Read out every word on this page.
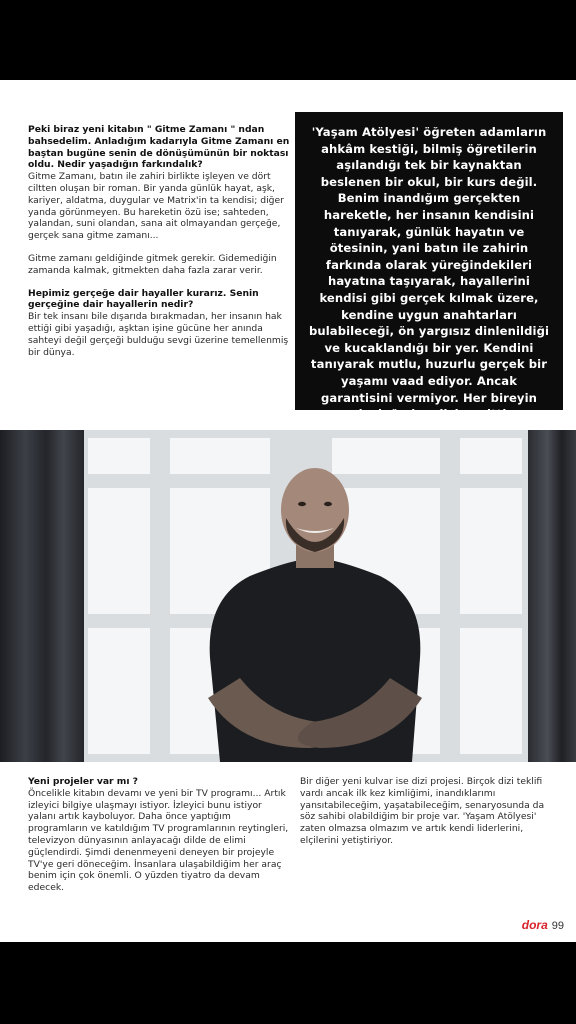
Peki biraz yeni kitabın " Gitme Zamanı " ndan bahsedelim. Anladığım kadarıyla Gitme Zamanı en baştan bugüne senin de dönüşümünün bir noktası oldu. Nedir yaşadığın farkındalık?
Gitme Zamanı, batın ile zahiri birlikte işleyen ve dört ciltten oluşan bir roman. Bir yanda günlük hayat, aşk, kariyer, aldatma, duygular ve Matrix'in ta kendisi; diğer yanda görünmeyen. Bu hareketin özü ise; sahteden, yalandan, suni olandan, sana ait olmayandan gerçeğe, gerçek sana gitme zamanı...

Gitme zamanı geldiğinde gitmek gerekir. Gidemediğin zamanda kalmak, gitmekten daha fazla zarar verir.

Hepimiz gerçeğe dair hayaller kurarız. Senin gerçeğine dair hayallerin nedir?
Bir tek insanı bile dışarıda bırakmadan, her insanın hak ettiği gibi yaşadığı, aşktan işine gücüne her anında sahteyi değil gerçeği bulduğu sevgi üzerine temellenmiş bir dünya.

'Yaşam Atölyesi' öğreten adamların ahkâm kestiği, bilmiş öğretilerin aşılandığı tek bir kaynaktan beslenen bir okul, bir kurs değil. Benim inandığım gerçekten hareketle, her insanın kendisini tanıyarak, günlük hayatın ve ötesinin, yani batın ile zahirin farkında olarak yüreğindekileri hayatına taşıyarak, hayallerini kendisi gibi gerçek kılmak üzere, kendine uygun anahtarları bulabileceği, ön yargısız dinlenildiği ve kucaklandığı bir yer. Kendini tanıyarak mutlu, huzurlu gerçek bir yaşamı vaad ediyor. Ancak garantisini vermiyor. Her bireyin yolculuğu kendisine aittir.

Yeni projeler var mı ?
Öncelikle kitabın devamı ve yeni bir TV programı... Artık izleyici bilgiye ulaşmayı istiyor. İzleyici bunu istiyor yalanı artık kayboluyor. Daha önce yaptığım programların ve katıldığım TV programlarının reytingleri, televizyon dünyasının anlayacağı dilde de elimi güçlendirdi. Şimdi denenmeyeni deneyen bir projeyle TV'ye geri döneceğim. İnsanlara ulaşabildiğim her araç benim için çok önemli. O yüzden tiyatro da devam edecek.

Bir diğer yeni kulvar ise dizi projesi. Birçok dizi teklifi vardı ancak ilk kez kimliğimi, inandıklarımı yansıtabileceğim, yaşatabileceğim, senaryosunda da söz sahibi olabildiğim bir proje var. 'Yaşam Atölyesi' zaten olmazsa olmazım ve artık kendi liderlerini, elçilerini yetiştiriyor.

dora 99
